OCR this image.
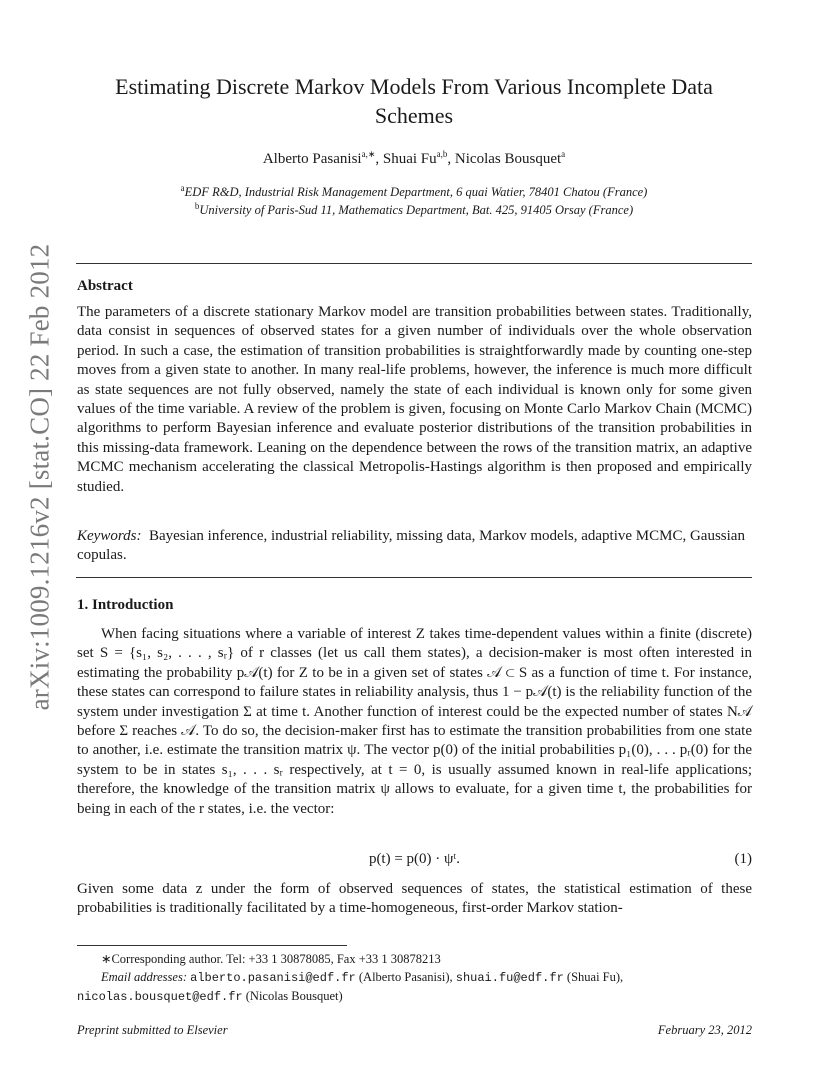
arXiv:1009.1216v2 [stat.CO] 22 Feb 2012
Estimating Discrete Markov Models From Various Incomplete Data Schemes
Alberto Pasanisi$^{a,∗}$, Shuai Fu$^{a,b}$, Nicolas Bousquet$^a$
$^a$EDF R&D, Industrial Risk Management Department, 6 quai Watier, 78401 Chatou (France)
$^b$University of Paris-Sud 11, Mathematics Department, Bat. 425, 91405 Orsay (France)
Abstract
The parameters of a discrete stationary Markov model are transition probabilities between states. Traditionally, data consist in sequences of observed states for a given number of individuals over the whole observation period. In such a case, the estimation of transition probabilities is straightforwardly made by counting one-step moves from a given state to another. In many real-life problems, however, the inference is much more difficult as state sequences are not fully observed, namely the state of each individual is known only for some given values of the time variable. A review of the problem is given, focusing on Monte Carlo Markov Chain (MCMC) algorithms to perform Bayesian inference and evaluate posterior distributions of the transition probabilities in this missing-data framework. Leaning on the dependence between the rows of the transition matrix, an adaptive MCMC mechanism accelerating the classical Metropolis-Hastings algorithm is then proposed and empirically studied.
Keywords: Bayesian inference, industrial reliability, missing data, Markov models, adaptive MCMC, Gaussian copulas.
1. Introduction
When facing situations where a variable of interest Z takes time-dependent values within a finite (discrete) set S = {s₁, s₂, . . . , sᵣ} of r classes (let us call them states), a decision-maker is most often interested in estimating the probability p𝒜(t) for Z to be in a given set of states 𝒜 ⊂ S as a function of time t. For instance, these states can correspond to failure states in reliability analysis, thus 1 − p𝒜(t) is the reliability function of the system under investigation Σ at time t. Another function of interest could be the expected number of states N𝒜 before Σ reaches 𝒜. To do so, the decision-maker first has to estimate the transition probabilities from one state to another, i.e. estimate the transition matrix ψ. The vector p(0) of the initial probabilities p₁(0), . . . pᵣ(0) for the system to be in states s₁, . . . sᵣ respectively, at t = 0, is usually assumed known in real-life applications; therefore, the knowledge of the transition matrix ψ allows to evaluate, for a given time t, the probabilities for being in each of the r states, i.e. the vector:
p(t) = p(0) · ψᵗ.	(1)
Given some data z under the form of observed sequences of states, the statistical estimation of these probabilities is traditionally facilitated by a time-homogeneous, first-order Markov station-
∗Corresponding author. Tel: +33 1 30878085, Fax +33 1 30878213
Email addresses: alberto.pasanisi@edf.fr (Alberto Pasanisi), shuai.fu@edf.fr (Shuai Fu), nicolas.bousquet@edf.fr (Nicolas Bousquet)
Preprint submitted to Elsevier	February 23, 2012
